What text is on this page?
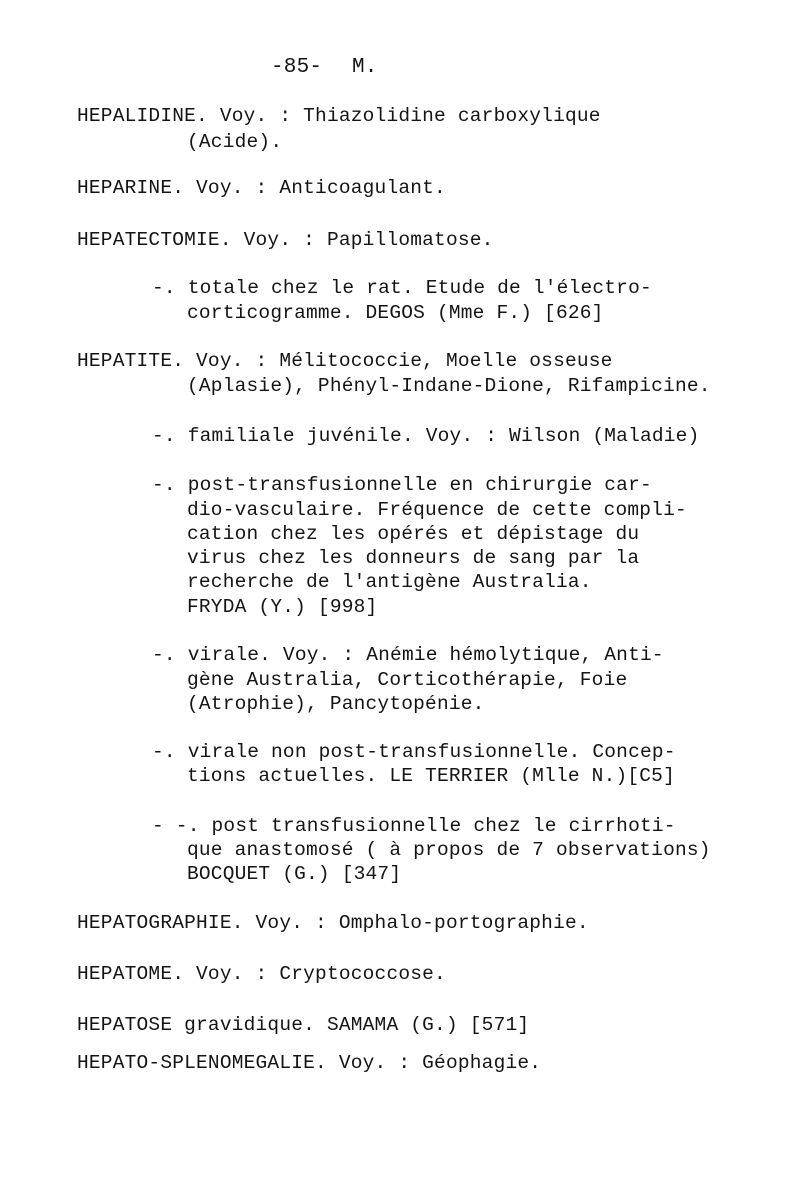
-85- M.
HEPALIDINE. Voy. : Thiazolidine carboxylique
(Acide).
HEPARINE. Voy. : Anticoagulant.
HEPATECTOMIE. Voy. : Papillomatose.
-. totale chez le rat. Etude de l'électro-
corticogramme. DEGOS (Mme F.) [626]
HEPATITE. Voy. : Mélitococcie, Moelle osseuse
(Aplasie), Phényl-Indane-Dione, Rifampicine.
-. familiale juvénile. Voy. : Wilson (Maladie)
-. post-transfusionnelle en chirurgie car-
dio-vasculaire. Fréquence de cette compli-
cation chez les opérés et dépistage du
virus chez les donneurs de sang par la
recherche de l'antigène Australia.
FRYDA (Y.) [998]
-. virale. Voy. : Anémie hémolytique, Anti-
gène Australia, Corticothérapie, Foie
(Atrophie), Pancytopénie.
-. virale non post-transfusionnelle. Concep-
tions actuelles. LE TERRIER (Mlle N.)[C5]
- -. post transfusionnelle chez le cirrhoti-
que anastomosé ( à propos de 7 observations)
BOCQUET (G.) [347]
HEPATOGRAPHIE. Voy. : Omphalo-portographie.
HEPATOME. Voy. : Cryptococcose.
HEPATOSE gravidique. SAMAMA (G.) [571]
HEPATO-SPLENOMEGALIE. Voy. : Géophagie.
